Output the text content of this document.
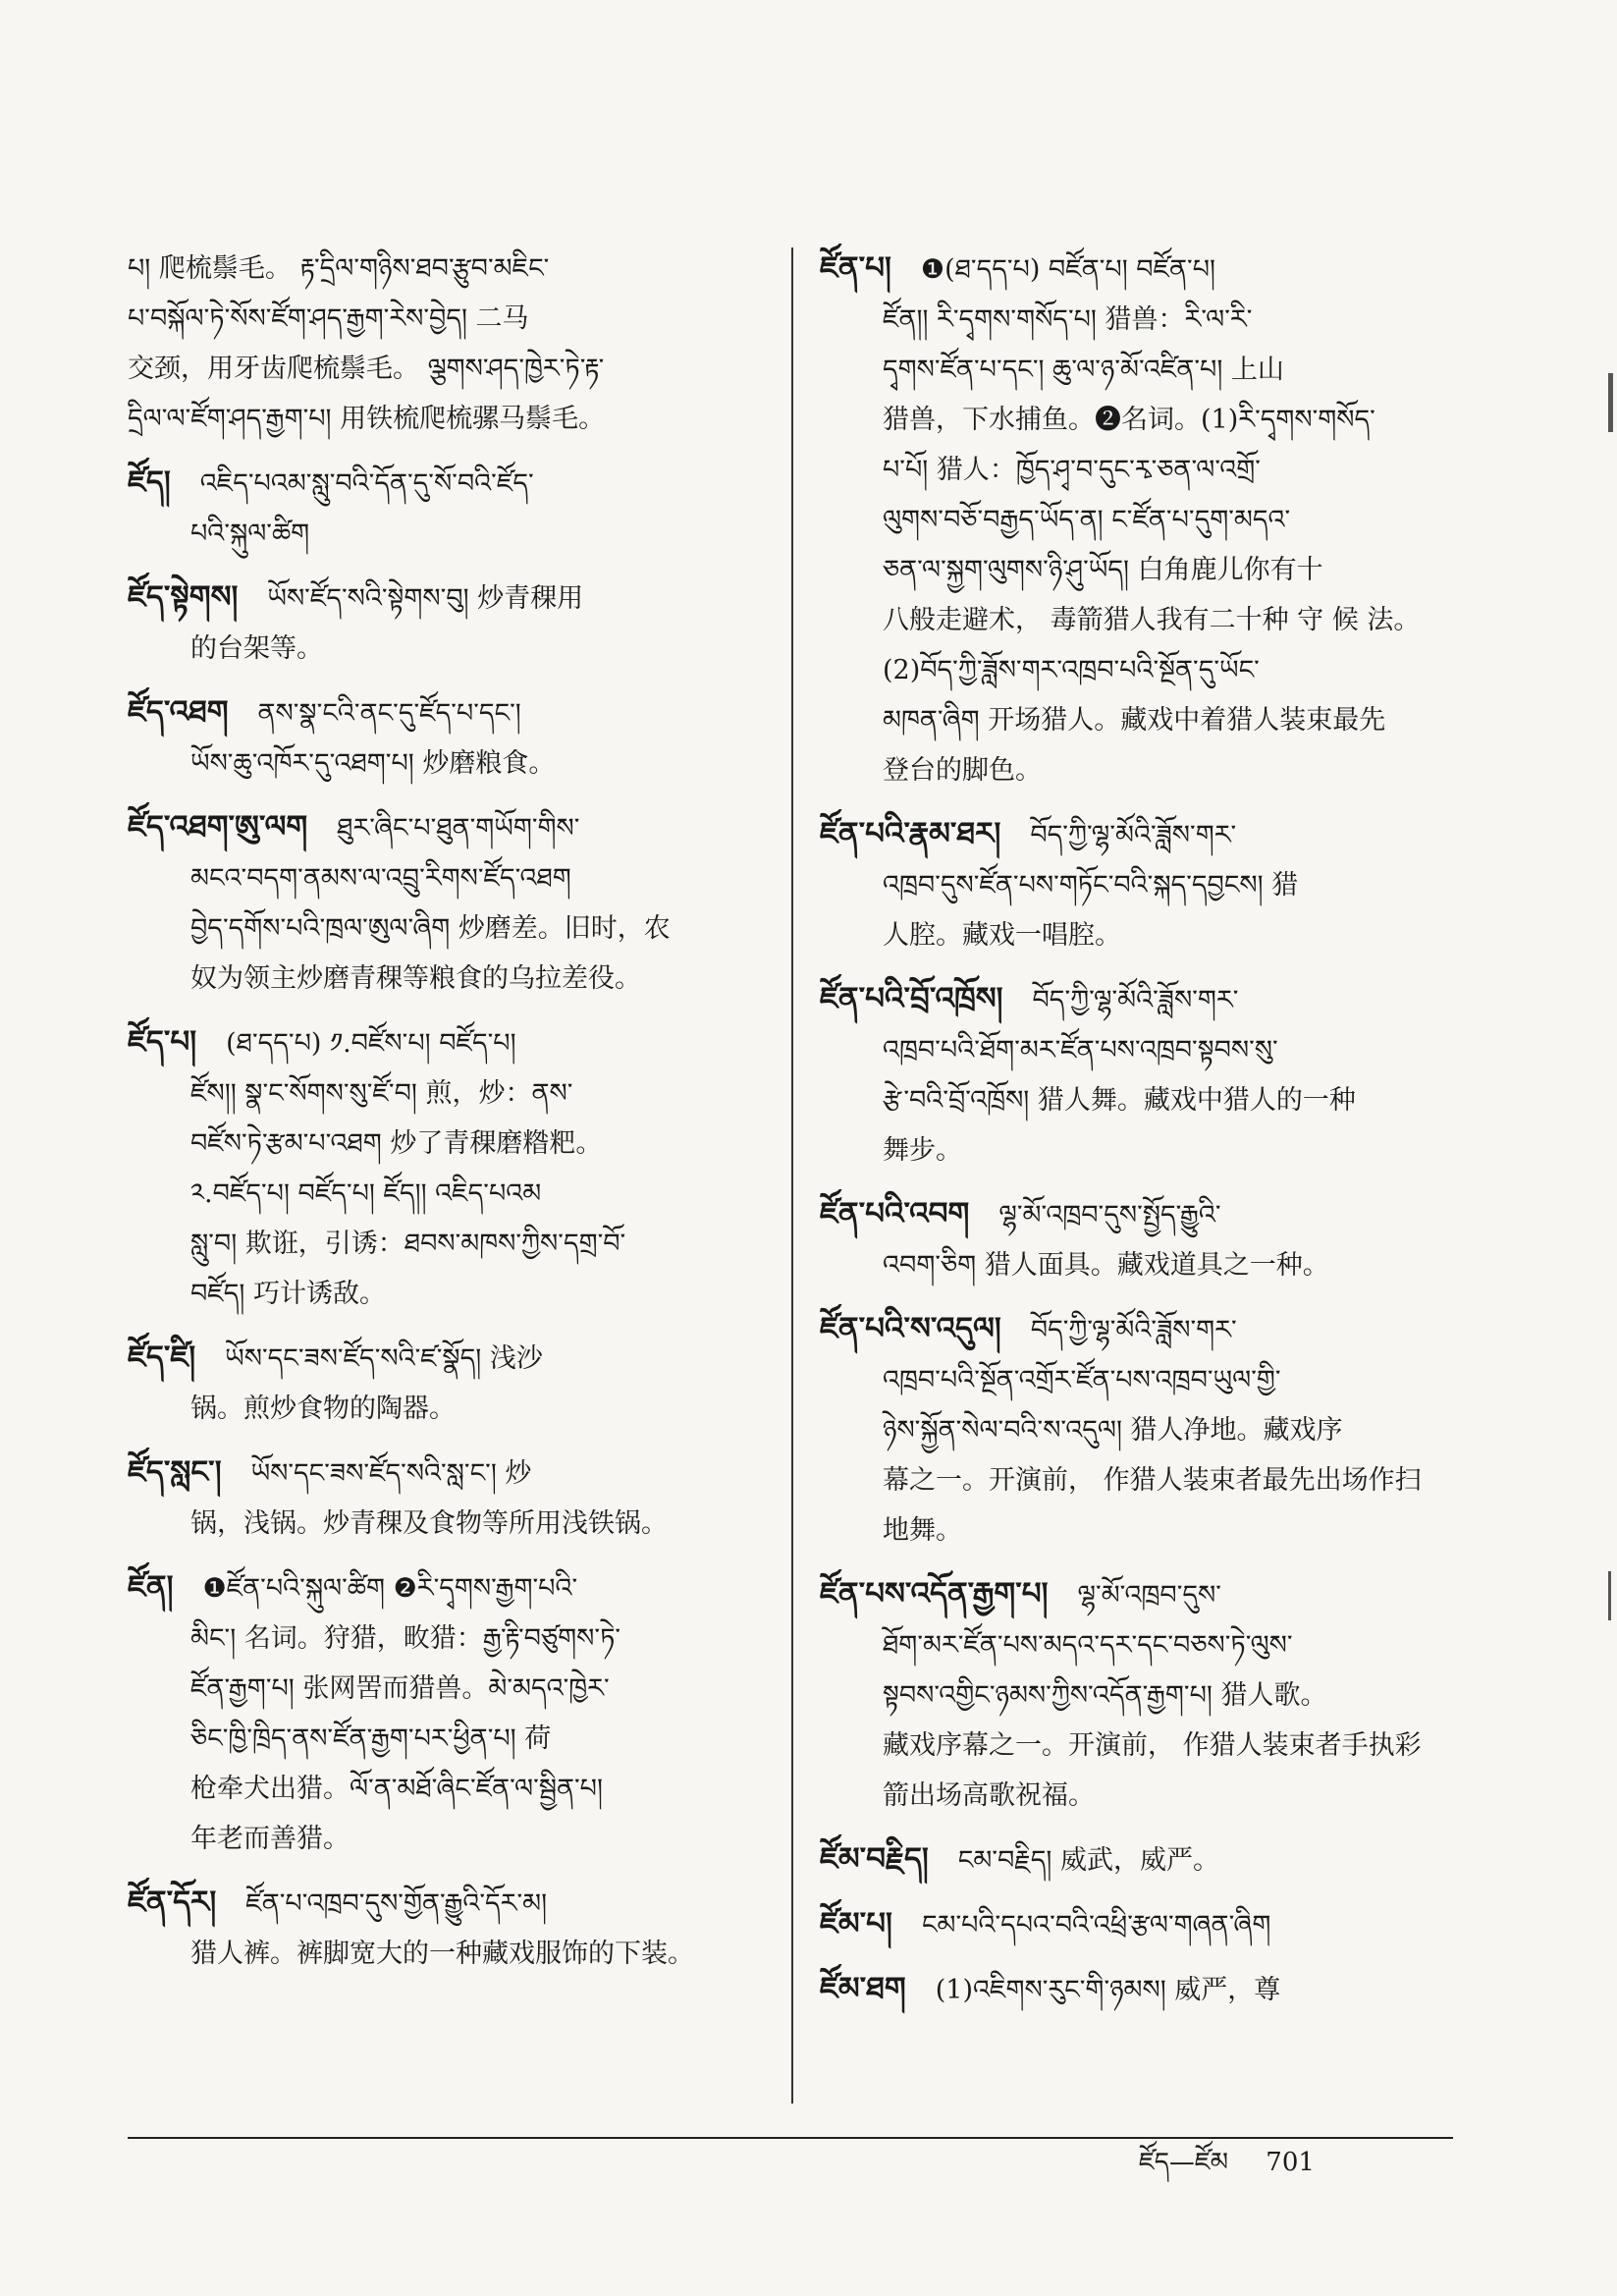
པ། 爬梳鬃毛。 རྟ་དྲིལ་གཉིས་ཐབ་རྩུབ་མཇིང་
པ་བསྐོལ་ཏེ་སོས་ཛོག་ཤད་རྒྱག་རེས་བྱེད། 二马
交颈，用牙齿爬梳鬃毛。 ལྕགས་ཤད་ཁྱེར་ཏེ་རྟ་
དྲིལ་ལ་ཛོག་ཤད་རྒྱག་པ། 用铁梳爬梳骡马鬃毛。
ཛོད། འཇིད་པའམ་སླུ་བའི་དོན་དུ་སོ་བའི་ཛོད་
པའི་སྐུལ་ཚིག
ཛོད་སྟེགས། ཡོས་ཛོད་སའི་སྟེགས་བུ། 炒青稞用
的台架等。
ཛོད་འཐག ནས་སྣ་ངའི་ནང་དུ་ཛོད་པ་དང་།
ཡོས་ཆུ་འཁོར་དུ་འཐག་པ། 炒磨粮食。
ཛོད་འཐག་ཨུ་ལག ཐུར་ཞིང་པ་ཐུན་གཡོག་གིས་
མངའ་བདག་ནམས་ལ་འབྲུ་རིགས་ཛོད་འཐག
བྱེད་དགོས་པའི་ཁྲལ་ཨུལ་ཞིག 炒磨差。旧时，农
奴为领主炒磨青稞等粮食的乌拉差役。
ཛོད་པ། (ཐ་དད་པ) ༡.བཛོས་པ། བཛོད་པ།
ཛོས།། སྣ་ང་སོགས་སུ་ཛོ་བ། 煎，炒：ནས་
བཛོས་ཏེ་རྩམ་པ་འཐག 炒了青稞磨糌粑。
༢.བཛོད་པ། བཛོད་པ། ཛོད།། འཇིད་པའམ
སླུ་བ། 欺诳，引诱：ཐབས་མཁས་ཀྱིས་དགྲ་བོ་
བཛོད། 巧计诱敌。
ཛོད་ཛི། ཡོས་དང་ཟས་ཛོད་སའི་ཛ་སྣོད། 浅沙
锅。煎炒食物的陶器。
ཛོད་སླང་། ཡོས་དང་ཟས་ཛོད་སའི་སླ་ང་། 炒
锅，浅锅。炒青稞及食物等所用浅铁锅。
ཛོན། ❶ཛོན་པའི་སྐུལ་ཚིག ❷རི་དྭགས་རྒྱག་པའི་
མིང་། 名词。狩猎，畋猎：རྒྱ་རྟི་བཙུགས་ཏེ་
ཛོན་རྒྱག་པ། 张网罟而猎兽。མེ་མདའ་ཁྱེར་
ཅིང་ཁྱི་ཁྲིད་ནས་ཛོན་རྒྱག་པར་ཕྱིན་པ། 荷
枪牵犬出猎。ལོ་ན་མཐོ་ཞིང་ཛོན་ལ་སྦྱིན་པ།
年老而善猎。
ཛོན་དོར། ཛོན་པ་འཁྲབ་དུས་གྱོན་རྒྱུའི་དོར་མ།
猎人裤。裤脚宽大的一种藏戏服饰的下装。
ཛོན་པ། ❶(ཐ་དད་པ) བཛོན་པ། བཛོན་པ།
ཛོན།། རི་དྭགས་གསོད་པ། 猎兽：རི་ལ་རི་
དྭགས་ཛོན་པ་དང་། ཆུ་ལ་ཉ་མོ་འཛིན་པ། 上山
猎兽，下水捕鱼。❷名词。(1)རི་དྭགས་གསོད་
པ་པོ། 猎人：ཁྱོད་ཤྭ་བ་དུང་རྭ་ཅན་ལ་འགྲོ་
ལུགས་བཅོ་བརྒྱད་ཡོད་ན། ང་ཛོན་པ་དུག་མདའ་
ཅན་ལ་སྐྱག་ལུགས་ཉི་ཤུ་ཡོད། 白角鹿儿你有十
八般走避术， 毒箭猎人我有二十种 守 候 法。
(2)བོད་ཀྱི་ཟློས་གར་འཁྲབ་པའི་སྔོན་དུ་ཡོང་
མཁན་ཞིག 开场猎人。藏戏中着猎人装束最先
登台的脚色。
ཛོན་པའི་རྣམ་ཐར། བོད་ཀྱི་ལྷ་མོའི་ཟློས་གར་
འཁྲབ་དུས་ཛོན་པས་གཏོང་བའི་སྐད་དབྱངས། 猎
人腔。藏戏一唱腔。
ཛོན་པའི་བྲོ་འཁྲོས། བོད་ཀྱི་ལྷ་མོའི་ཟློས་གར་
འཁྲབ་པའི་ཐོག་མར་ཛོན་པས་འཁྲབ་སྟབས་སུ་
རྩེ་བའི་བྲོ་འཁྲོས། 猎人舞。藏戏中猎人的一种
舞步。
ཛོན་པའི་འབག ལྷ་མོ་འཁྲབ་དུས་སྤྱོད་རྒྱུའི་
འབག་ཅིག 猎人面具。藏戏道具之一种。
ཛོན་པའི་ས་འདུལ། བོད་ཀྱི་ལྷ་མོའི་ཟློས་གར་
འཁྲབ་པའི་སྔོན་འགྲོར་ཛོན་པས་འཁྲབ་ཡུལ་གྱི་
ཉེས་སྐྱོན་སེལ་བའི་ས་འདུལ། 猎人净地。藏戏序
幕之一。开演前， 作猎人装束者最先出场作扫
地舞。
ཛོན་པས་འདོན་རྒྱག་པ། ལྷ་མོ་འཁྲབ་དུས་
ཐོག་མར་ཛོན་པས་མདའ་དར་དང་བཅས་ཏེ་ལུས་
སྟབས་འགྱིང་ཉམས་ཀྱིས་འདོན་རྒྱག་པ། 猎人歌。
藏戏序幕之一。开演前， 作猎人装束者手执彩
箭出场高歌祝福。
ཛོམ་བརྗིད། ངམ་བརྗིད། 威武，威严。
ཛོམ་པ། ངམ་པའི་དཔའ་བའི་འཕྲི་རྩལ་གཞན་ཞིག
ཛོམ་ཐག (1)འཇིགས་རུང་གི་ཉམས། 威严，尊
ཛོད—ཛོམ 701
